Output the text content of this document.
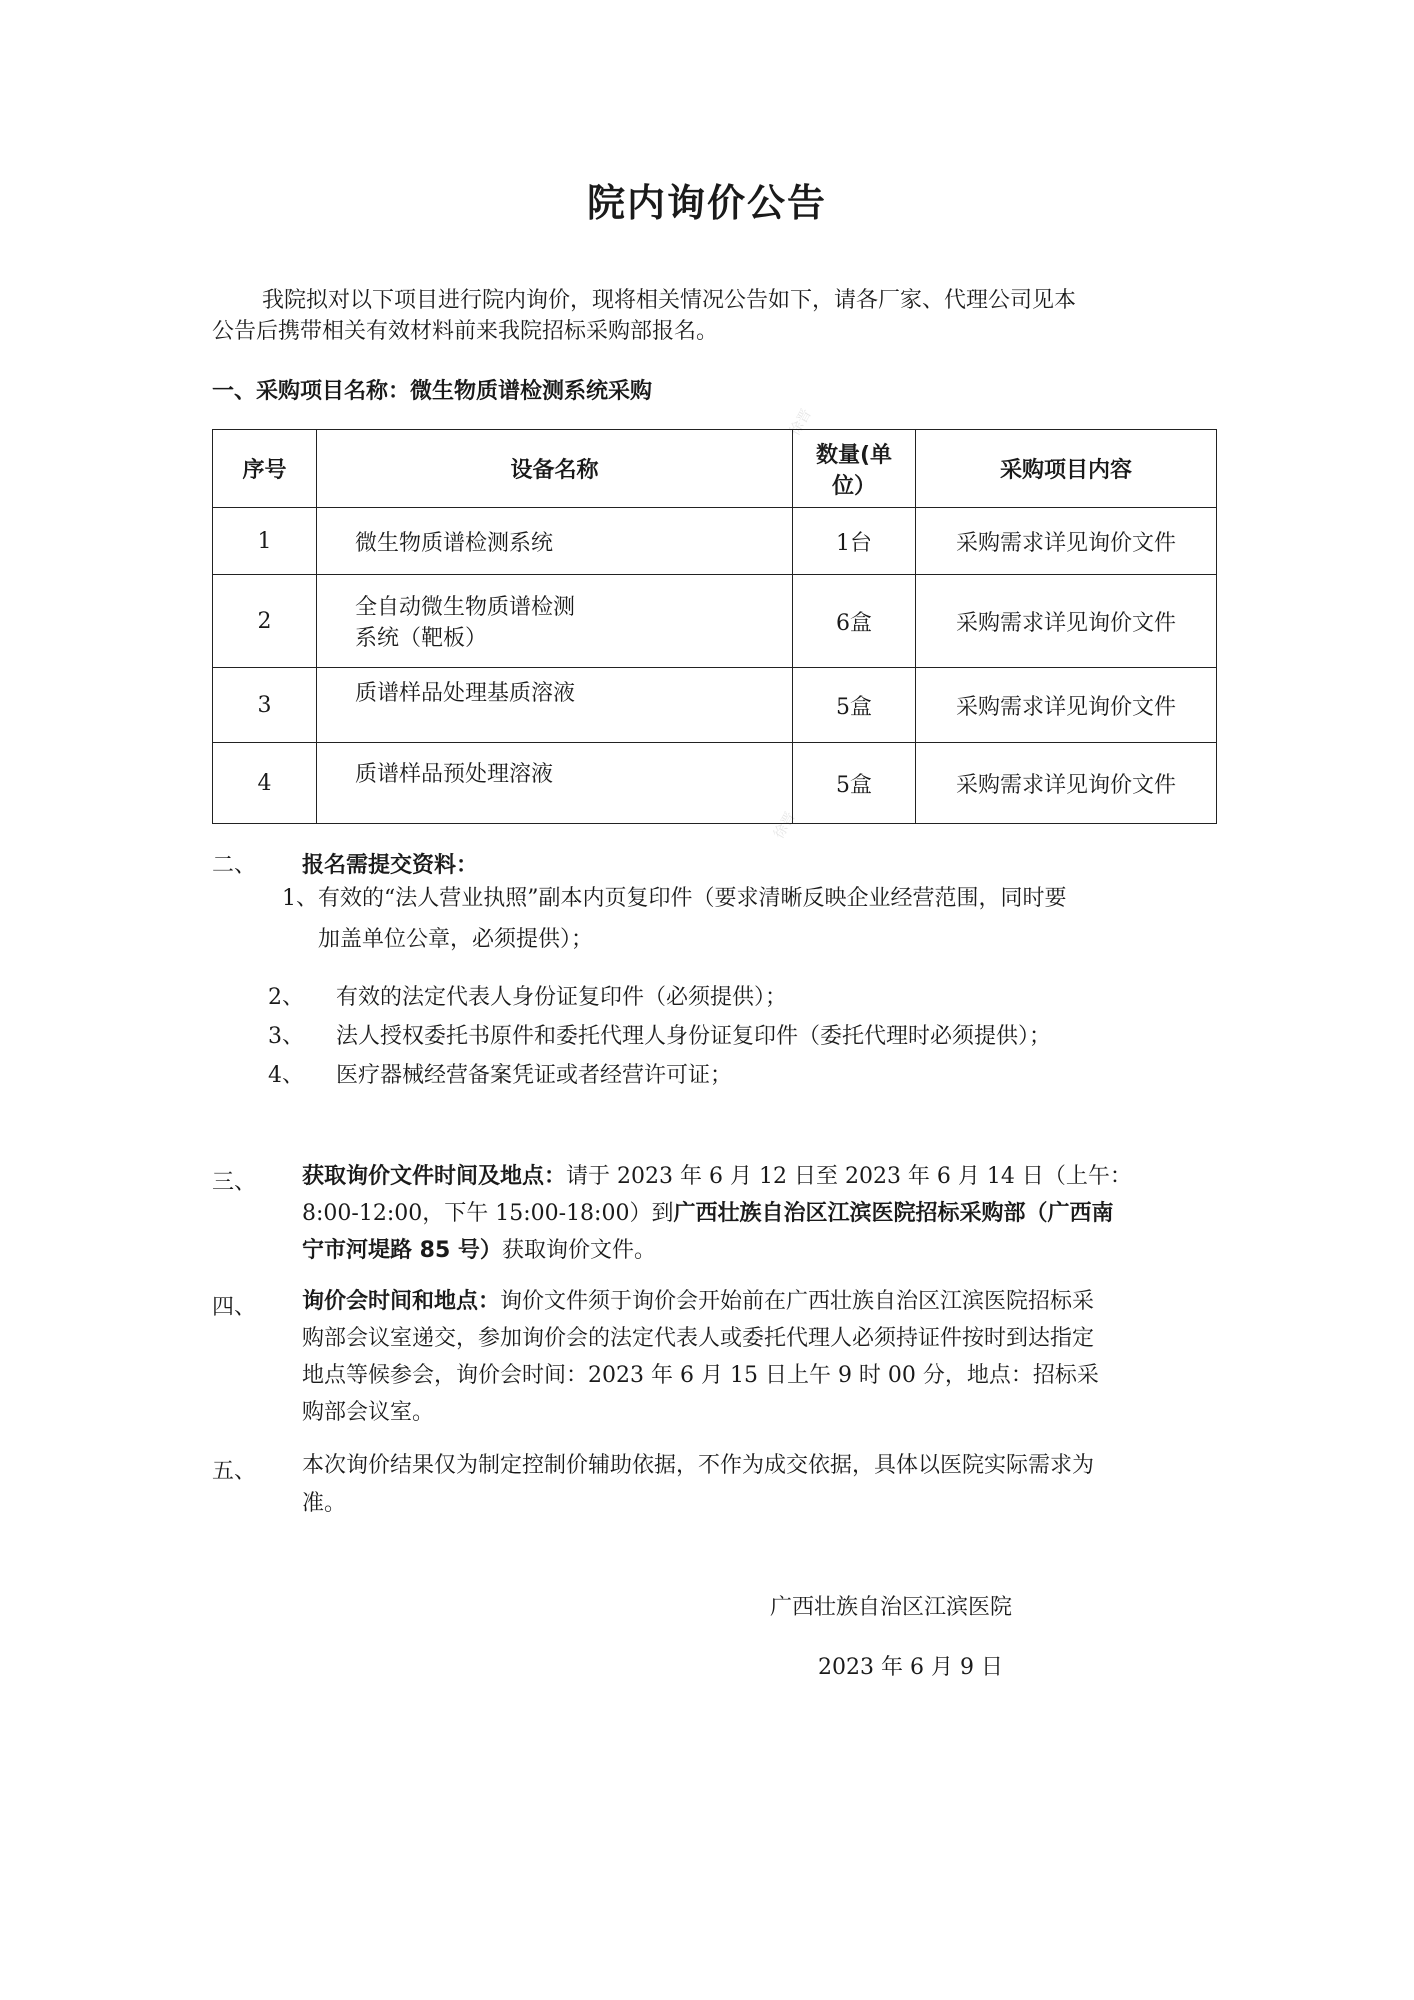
院内询价公告
我院拟对以下项目进行院内询价，现将相关情况公告如下，请各厂家、代理公司见本
公告后携带相关有效材料前来我院招标采购部报名。
一、采购项目名称：微生物质谱检测系统采购
徐晋
徐晋
序号	设备名称	数量(单
位）	采购项目内容
1	微生物质谱检测系统	1台	采购需求详见询价文件
2	全自动微生物质谱检测
系统（靶板）	6盒	采购需求详见询价文件
3	质谱样品处理基质溶液	5盒	采购需求详见询价文件
4	质谱样品预处理溶液	5盒	采购需求详见询价文件
二、 报名需提交资料：
1、有效的“法人营业执照”副本内页复印件（要求清晰反映企业经营范围，同时要
加盖单位公章，必须提供）；
2、 有效的法定代表人身份证复印件（必须提供）；
3、 法人授权委托书原件和委托代理人身份证复印件（委托代理时必须提供）；
4、 医疗器械经营备案凭证或者经营许可证；
三、 获取询价文件时间及地点：请于 2023 年 6 月 12 日至 2023 年 6 月 14 日（上午：
8:00-12:00，下午 15:00-18:00）到广西壮族自治区江滨医院招标采购部（广西南
宁市河堤路 85 号）获取询价文件。
四、 询价会时间和地点：询价文件须于询价会开始前在广西壮族自治区江滨医院招标采
购部会议室递交，参加询价会的法定代表人或委托代理人必须持证件按时到达指定
地点等候参会，询价会时间：2023 年 6 月 15 日上午 9 时 00 分，地点：招标采
购部会议室。
五、 本次询价结果仅为制定控制价辅助依据，不作为成交依据，具体以医院实际需求为
准。
广西壮族自治区江滨医院
2023 年 6 月 9 日
